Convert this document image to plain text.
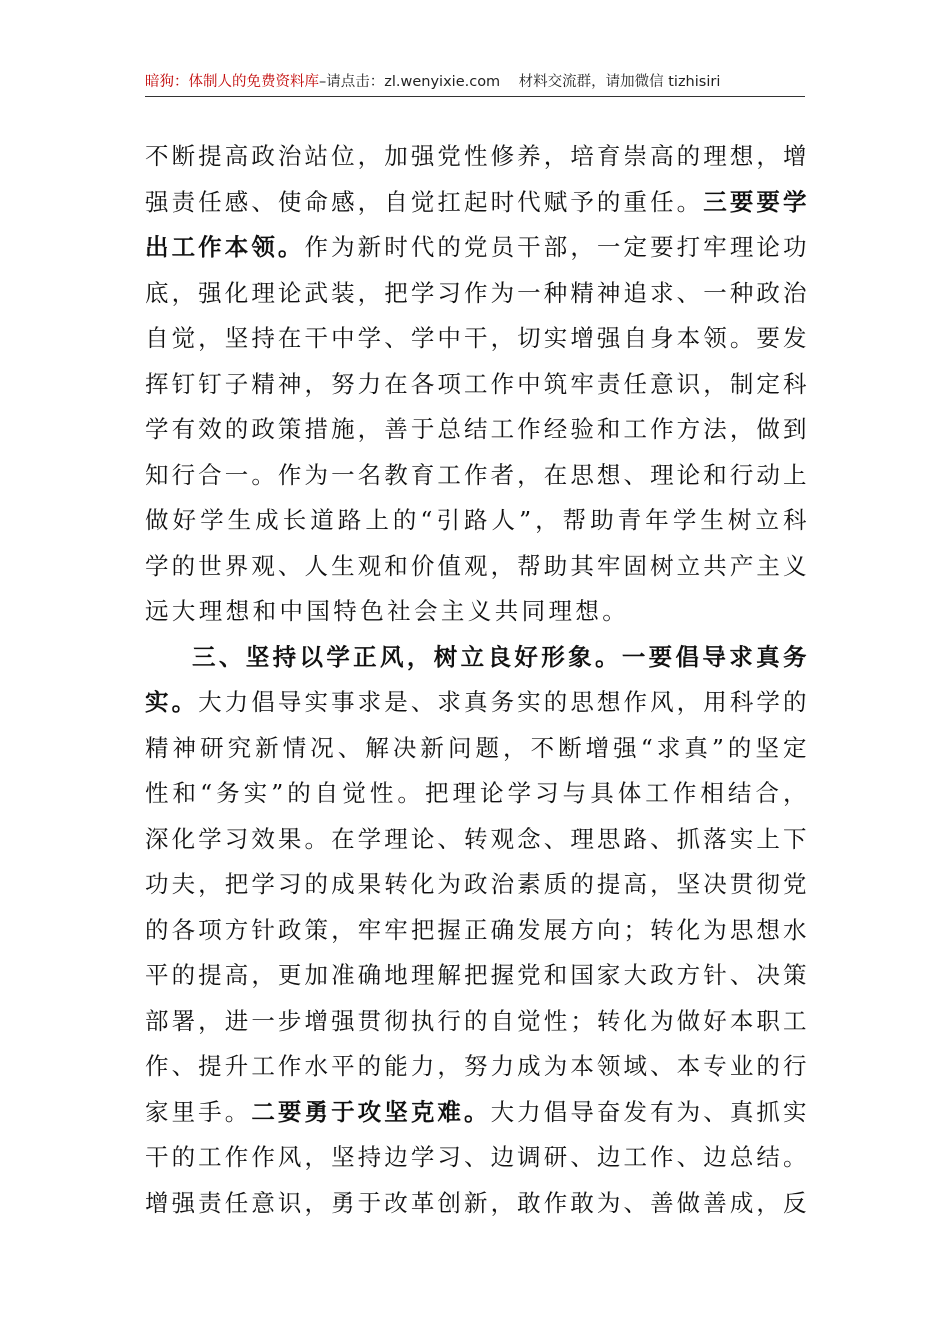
暗狗：体制人的免费资料库–请点击：zl.wenyixie.com 材料交流群，请加微信 tizhisiri
不断提高政治站位，加强党性修养，培育崇高的理想，增
强责任感、使命感，自觉扛起时代赋予的重任。三要要学
出工作本领。作为新时代的党员干部，一定要打牢理论功
底，强化理论武装，把学习作为一种精神追求、一种政治
自觉，坚持在干中学、学中干，切实增强自身本领。要发
挥钉钉子精神，努力在各项工作中筑牢责任意识，制定科
学有效的政策措施，善于总结工作经验和工作方法，做到
知行合一。作为一名教育工作者，在思想、理论和行动上
做好学生成长道路上的“引路人”，帮助青年学生树立科
学的世界观、人生观和价值观，帮助其牢固树立共产主义
远大理想和中国特色社会主义共同理想。
三、坚持以学正风，树立良好形象。一要倡导求真务
实。大力倡导实事求是、求真务实的思想作风，用科学的
精神研究新情况、解决新问题，不断增强“求真”的坚定
性和“务实”的自觉性。把理论学习与具体工作相结合，
深化学习效果。在学理论、转观念、理思路、抓落实上下
功夫，把学习的成果转化为政治素质的提高，坚决贯彻党
的各项方针政策，牢牢把握正确发展方向；转化为思想水
平的提高，更加准确地理解把握党和国家大政方针、决策
部署，进一步增强贯彻执行的自觉性；转化为做好本职工
作、提升工作水平的能力，努力成为本领域、本专业的行
家里手。二要勇于攻坚克难。大力倡导奋发有为、真抓实
干的工作作风，坚持边学习、边调研、边工作、边总结。
增强责任意识，勇于改革创新，敢作敢为、善做善成，反
